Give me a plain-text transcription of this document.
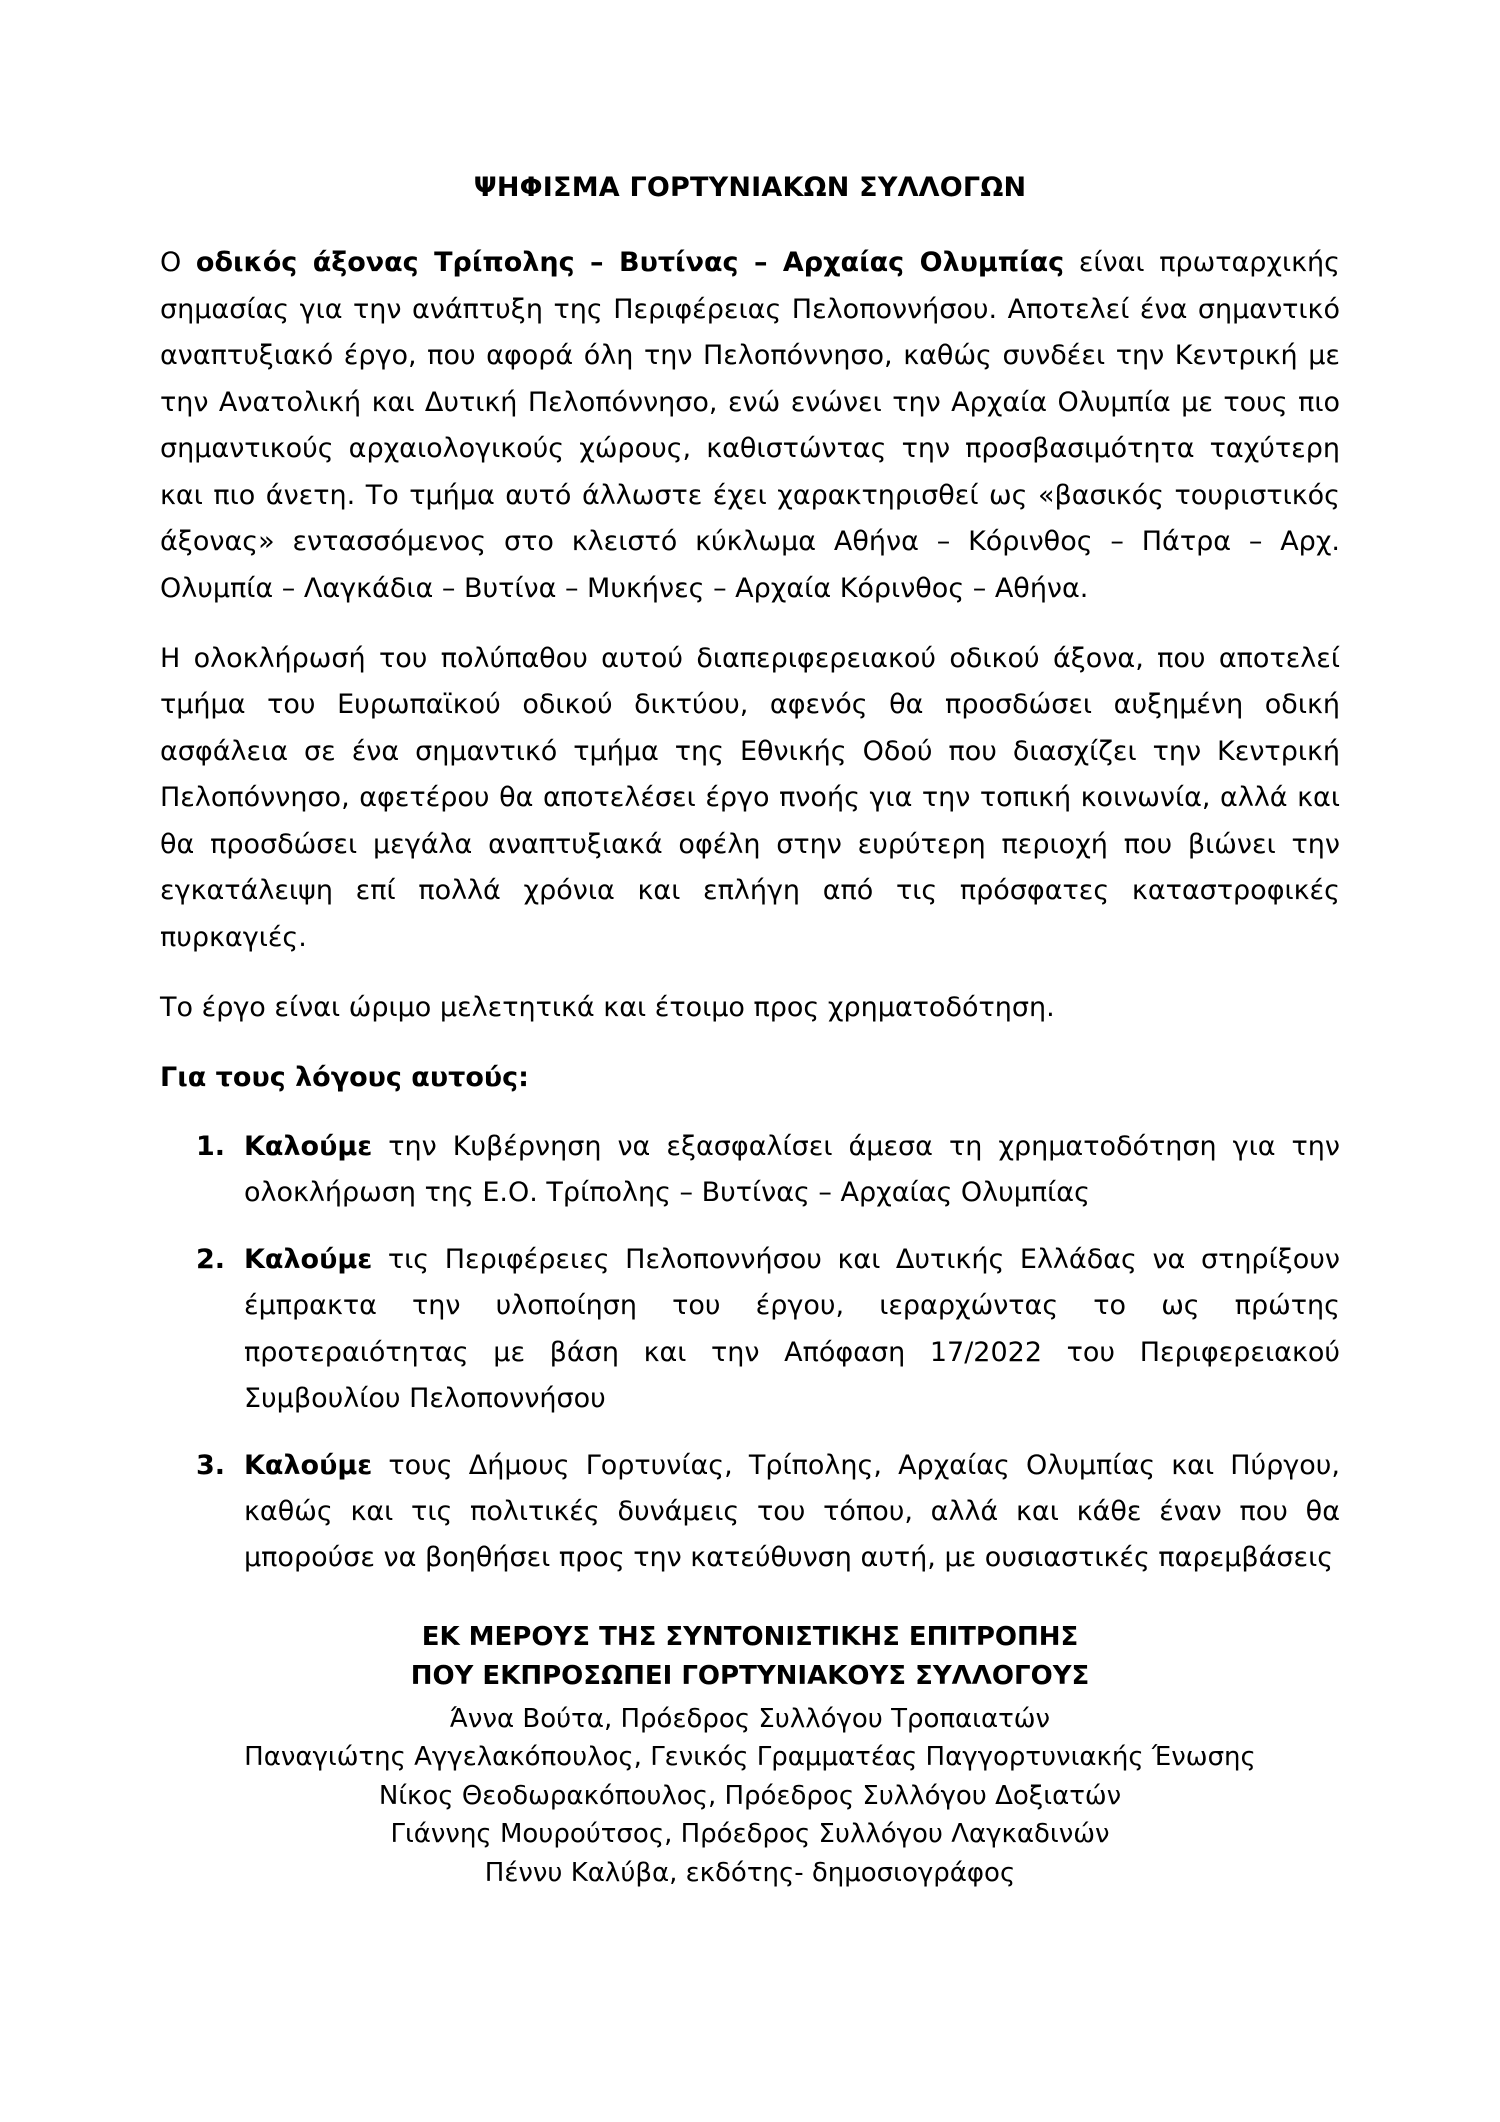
ΨΗΦΙΣΜΑ ΓΟΡΤΥΝΙΑΚΩΝ ΣΥΛΛΟΓΩΝ

Ο οδικός άξονας Τρίπολης – Βυτίνας – Αρχαίας Ολυμπίας είναι πρωταρχικής σημασίας για την ανάπτυξη της Περιφέρειας Πελοποννήσου. Αποτελεί ένα σημαντικό αναπτυξιακό έργο, που αφορά όλη την Πελοπόννησο, καθώς συνδέει την Κεντρική με την Ανατολική και Δυτική Πελοπόννησο, ενώ ενώνει την Αρχαία Ολυμπία με τους πιο σημαντικούς αρχαιολογικούς χώρους, καθιστώντας την προσβασιμότητα ταχύτερη και πιο άνετη. Το τμήμα αυτό άλλωστε έχει χαρακτηρισθεί ως «βασικός τουριστικός άξονας» εντασσόμενος στο κλειστό κύκλωμα Αθήνα – Κόρινθος – Πάτρα – Αρχ. Ολυμπία – Λαγκάδια – Βυτίνα – Μυκήνες – Αρχαία Κόρινθος – Αθήνα.

Η ολοκλήρωσή του πολύπαθου αυτού διαπεριφερειακού οδικού άξονα, που αποτελεί τμήμα του Ευρωπαϊκού οδικού δικτύου, αφενός θα προσδώσει αυξημένη οδική ασφάλεια σε ένα σημαντικό τμήμα της Εθνικής Οδού που διασχίζει την Κεντρική Πελοπόννησο, αφετέρου θα αποτελέσει έργο πνοής για την τοπική κοινωνία, αλλά και θα προσδώσει μεγάλα αναπτυξιακά οφέλη στην ευρύτερη περιοχή που βιώνει την εγκατάλειψη επί πολλά χρόνια και επλήγη από τις πρόσφατες καταστροφικές πυρκαγιές.

Το έργο είναι ώριμο μελετητικά και έτοιμο προς χρηματοδότηση.

Για τους λόγους αυτούς:

Καλούμε την Κυβέρνηση να εξασφαλίσει άμεσα τη χρηματοδότηση για την ολοκλήρωση της Ε.Ο. Τρίπολης – Βυτίνας – Αρχαίας Ολυμπίας
Καλούμε τις Περιφέρειες Πελοποννήσου και Δυτικής Ελλάδας να στηρίξουν έμπρακτα την υλοποίηση του έργου, ιεραρχώντας το ως πρώτης προτεραιότητας με βάση και την Απόφαση 17/2022 του Περιφερειακού Συμβουλίου Πελοποννήσου
Καλούμε τους Δήμους Γορτυνίας, Τρίπολης, Αρχαίας Ολυμπίας και Πύργου, καθώς και τις πολιτικές δυνάμεις του τόπου, αλλά και κάθε έναν που θα μπορούσε να βοηθήσει προς την κατεύθυνση αυτή, με ουσιαστικές παρεμβάσεις

ΕΚ ΜΕΡΟΥΣ ΤΗΣ ΣΥΝΤΟΝΙΣΤΙΚΗΣ ΕΠΙΤΡΟΠΗΣ

ΠΟΥ ΕΚΠΡΟΣΩΠΕΙ ΓΟΡΤΥΝΙΑΚΟΥΣ ΣΥΛΛΟΓΟΥΣ

Άννα Βούτα, Πρόεδρος Συλλόγου Τροπαιατών

Παναγιώτης Αγγελακόπουλος, Γενικός Γραμματέας Παγγορτυνιακής Ένωσης

Νίκος Θεοδωρακόπουλος, Πρόεδρος Συλλόγου Δοξιατών

Γιάννης Μουρούτσος, Πρόεδρος Συλλόγου Λαγκαδινών

Πέννυ Καλύβα, εκδότης- δημοσιογράφος
